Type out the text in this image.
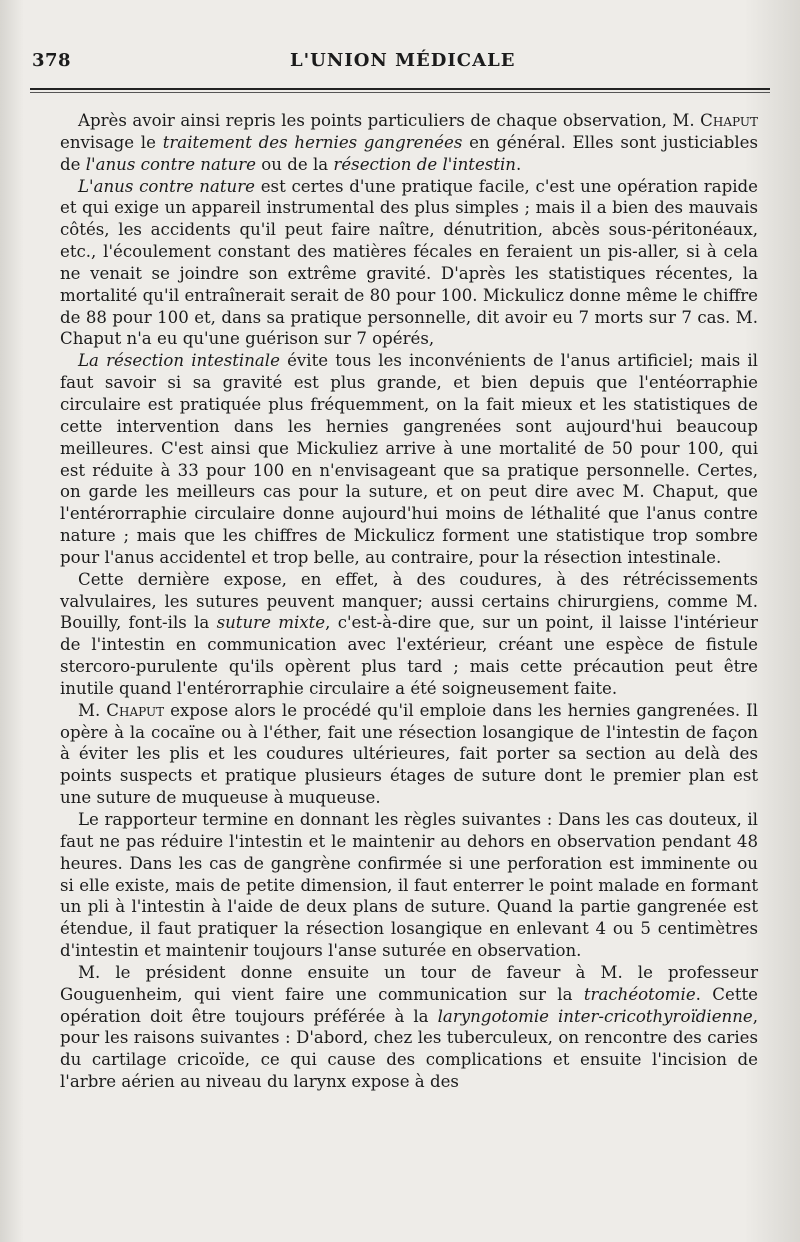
378	L'UNION MÉDICALE

Après avoir ainsi repris les points particuliers de chaque observation, M. Chaput envisage le traitement des hernies gangrenées en général. Elles sont justiciables de l'anus contre nature ou de la résection de l'intestin.

L'anus contre nature est certes d'une pratique facile, c'est une opération rapide et qui exige un appareil instrumental des plus simples ; mais il a bien des mauvais côtés, les accidents qu'il peut faire naître, dénutrition, abcès sous-péritonéaux, etc., l'écoulement constant des matières fécales en feraient un pis-aller, si à cela ne venait se joindre son extrême gravité. D'après les statistiques récentes, la mortalité qu'il entraînerait serait de 80 pour 100. Mickulicz donne même le chiffre de 88 pour 100 et, dans sa pratique personnelle, dit avoir eu 7 morts sur 7 cas. M. Chaput n'a eu qu'une guérison sur 7 opérés,

La résection intestinale évite tous les inconvénients de l'anus artificiel; mais il faut savoir si sa gravité est plus grande, et bien depuis que l'entéorraphie circulaire est pratiquée plus fréquemment, on la fait mieux et les statistiques de cette intervention dans les hernies gangrenées sont aujourd'hui beaucoup meilleures. C'est ainsi que Mickuliez arrive à une mortalité de 50 pour 100, qui est réduite à 33 pour 100 en n'envisageant que sa pratique personnelle. Certes, on garde les meilleurs cas pour la suture, et on peut dire avec M. Chaput, que l'entérorraphie circulaire donne aujourd'hui moins de léthalité que l'anus contre nature ; mais que les chiffres de Mickulicz forment une statistique trop sombre pour l'anus accidentel et trop belle, au contraire, pour la résection intestinale.

Cette dernière expose, en effet, à des coudures, à des rétrécissements valvulaires, les sutures peuvent manquer; aussi certains chirurgiens, comme M. Bouilly, font-ils la suture mixte, c'est-à-dire que, sur un point, il laisse l'intérieur de l'intestin en communication avec l'extérieur, créant une espèce de fistule stercoro-purulente qu'ils opèrent plus tard ; mais cette précaution peut être inutile quand l'entérorraphie circulaire a été soigneusement faite.

M. Chaput expose alors le procédé qu'il emploie dans les hernies gangrenées. Il opère à la cocaïne ou à l'éther, fait une résection losangique de l'intestin de façon à éviter les plis et les coudures ultérieures, fait porter sa section au delà des points suspects et pratique plusieurs étages de suture dont le premier plan est une suture de muqueuse à muqueuse.

Le rapporteur termine en donnant les règles suivantes : Dans les cas douteux, il faut ne pas réduire l'intestin et le maintenir au dehors en observation pendant 48 heures. Dans les cas de gangrène confirmée si une perforation est imminente ou si elle existe, mais de petite dimension, il faut enterrer le point malade en formant un pli à l'intestin à l'aide de deux plans de suture. Quand la partie gangrenée est étendue, il faut pratiquer la résection losangique en enlevant 4 ou 5 centimètres d'intestin et maintenir toujours l'anse suturée en observation.

M. le président donne ensuite un tour de faveur à M. le professeur Gouguenheim, qui vient faire une communication sur la trachéotomie. Cette opération doit être toujours préférée à la laryngotomie inter-cricothyroïdienne, pour les raisons suivantes : D'abord, chez les tuberculeux, on rencontre des caries du cartilage cricoïde, ce qui cause des complications et ensuite l'incision de l'arbre aérien au niveau du larynx expose à des
